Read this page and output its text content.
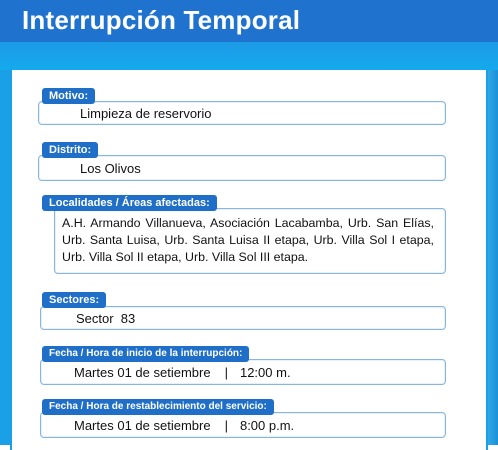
Interrupción Temporal
Motivo:
Limpieza de reservorio
Distrito:
Los Olivos
Localidades / Áreas afectadas:
A.H. Armando Villanueva, Asociación Lacabamba, Urb. San Elías, Urb. Santa Luisa, Urb. Santa Luisa II etapa, Urb. Villa Sol I etapa, Urb. Villa Sol II etapa, Urb. Villa Sol III etapa.
Sectores:
Sector  83
Fecha / Hora de inicio de la interrupción:
Martes 01 de setiembre | 12:00 m.
Fecha / Hora de restablecimiento del servicio:
Martes 01 de setiembre | 8:00 p.m.
